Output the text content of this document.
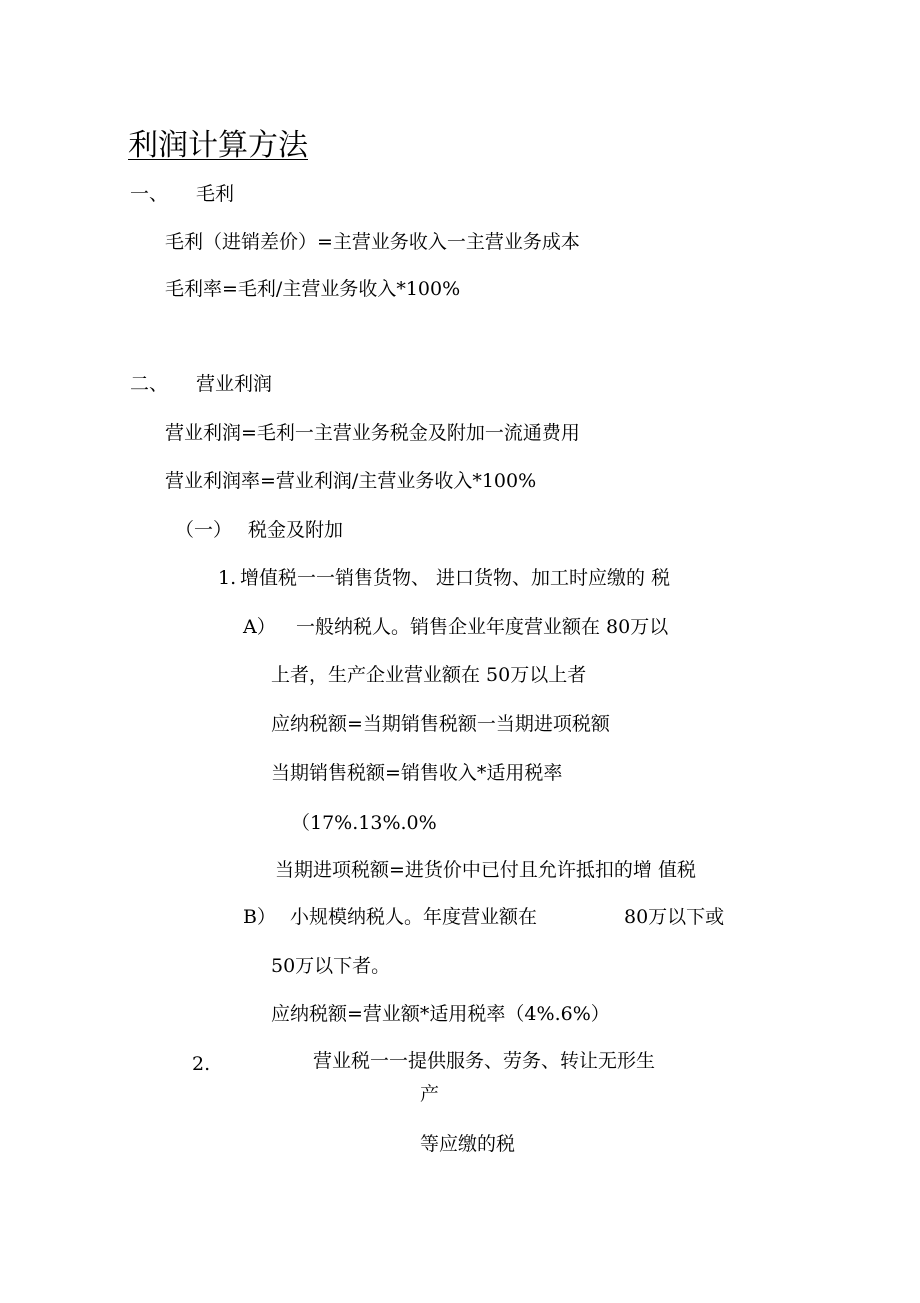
利润计算方法
一、 毛利
毛利（进销差价）=主营业务收入一主营业务成本
毛利率=毛利/主营业务收入*100%
二、 营业利润
营业利润=毛利一主营业务税金及附加一流通费用
营业利润率=营业利润/主营业务收入*100%
（一） 税金及附加
1. 增值税一一销售货物、 进口货物、加工时应缴的 税
A） 一般纳税人。销售企业年度营业额在 80万以
上者，生产企业营业额在 50万以上者
应纳税额=当期销售税额一当期进项税额
当期销售税额=销售收入*适用税率
（17%.13%.0%
当期进项税额=进货价中已付且允许抵扣的增 值税
B） 小规模纳税人。年度营业额在	80万以下或
50万以下者。
应纳税额=营业额*适用税率（4%.6%）
2.	营业税一一提供服务、劳务、转让无形生
产
等应缴的税
